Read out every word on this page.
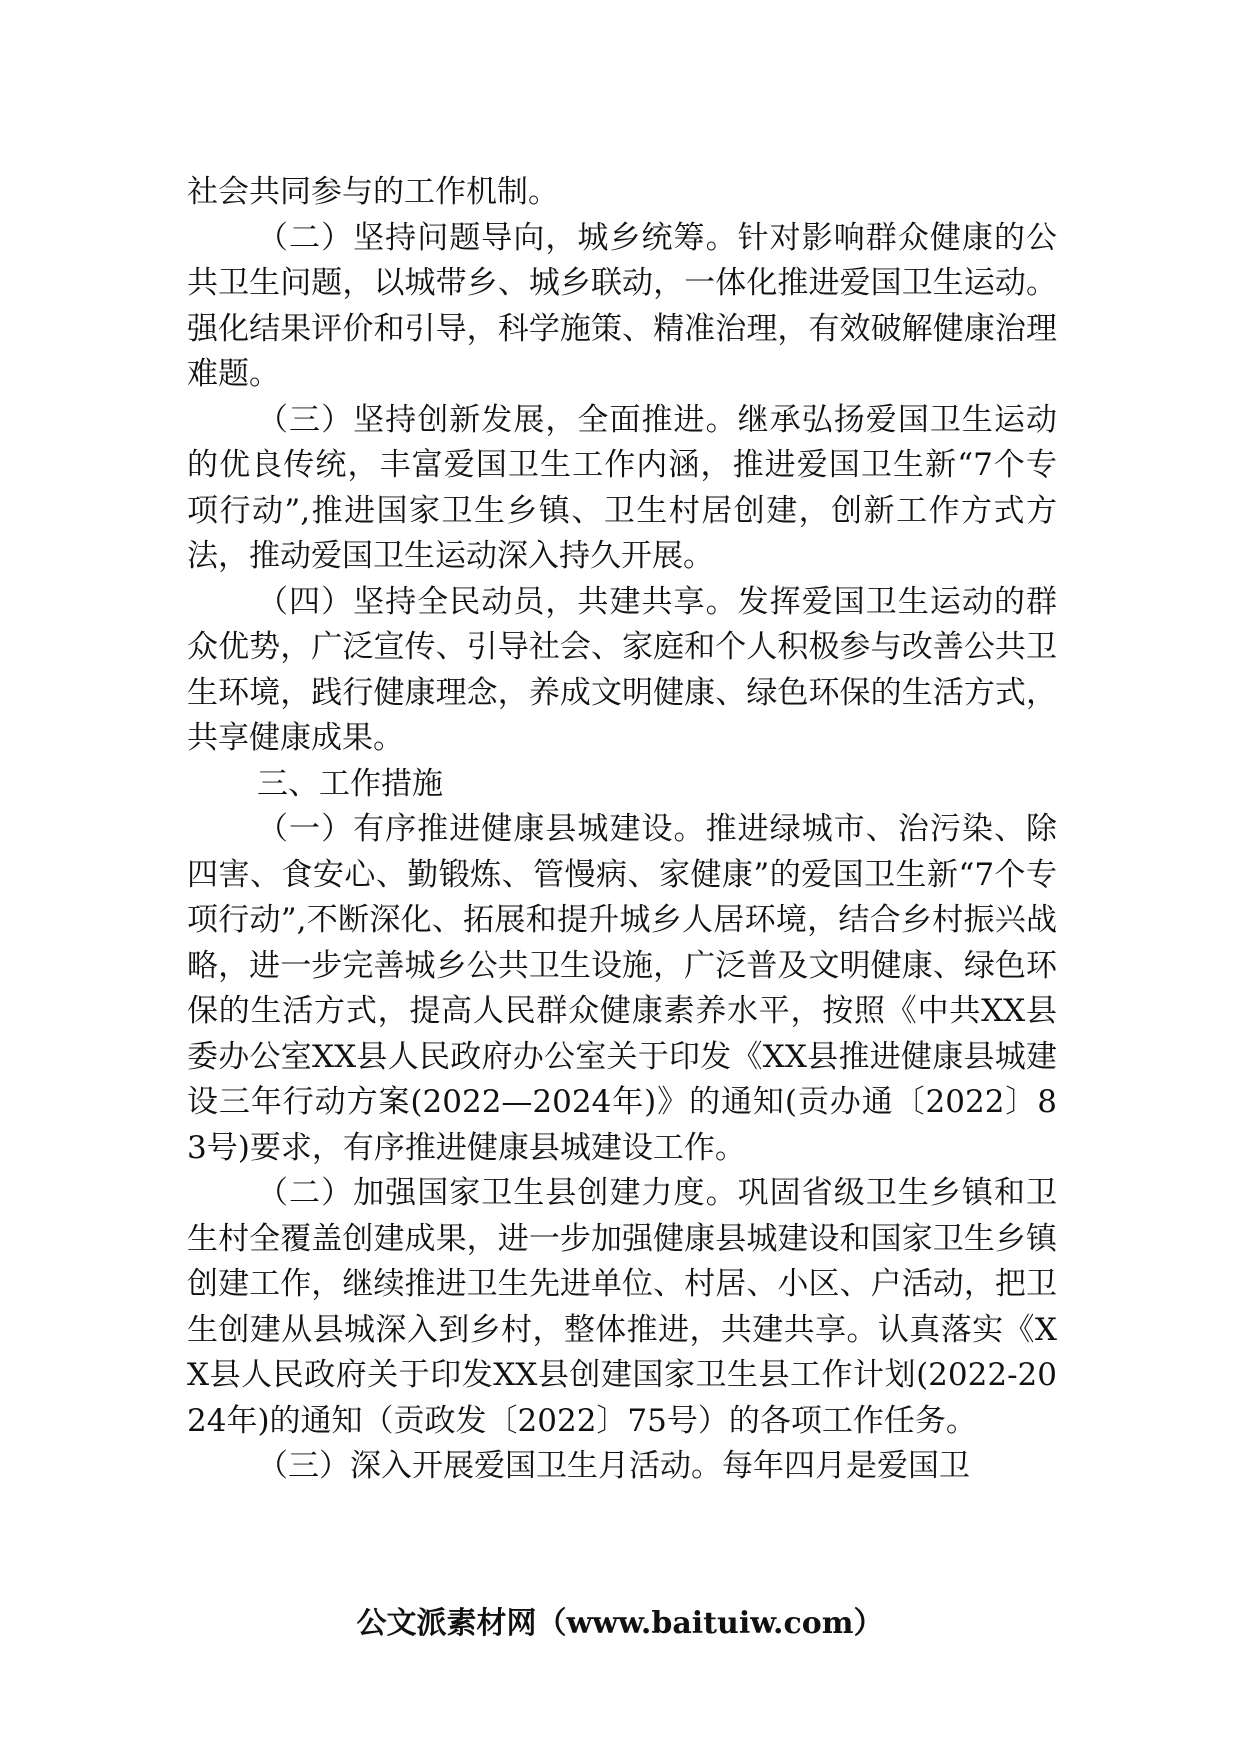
社会共同参与的工作机制。

（二）坚持问题导向，城乡统筹。针对影响群众健康的公共卫生问题，以城带乡、城乡联动，一体化推进爱国卫生运动。强化结果评价和引导，科学施策、精准治理，有效破解健康治理难题。

（三）坚持创新发展，全面推进。继承弘扬爱国卫生运动的优良传统，丰富爱国卫生工作内涵，推进爱国卫生新“7个专项行动”,推进国家卫生乡镇、卫生村居创建，创新工作方式方法，推动爱国卫生运动深入持久开展。

（四）坚持全民动员，共建共享。发挥爱国卫生运动的群众优势，广泛宣传、引导社会、家庭和个人积极参与改善公共卫生环境，践行健康理念，养成文明健康、绿色环保的生活方式，共享健康成果。

三、工作措施

（一）有序推进健康县城建设。推进绿城市、治污染、除四害、食安心、勤锻炼、管慢病、家健康”的爱国卫生新“7个专项行动”,不断深化、拓展和提升城乡人居环境，结合乡村振兴战略，进一步完善城乡公共卫生设施，广泛普及文明健康、绿色环保的生活方式，提高人民群众健康素养水平，按照《中共XX县委办公室XX县人民政府办公室关于印发《XX县推进健康县城建设三年行动方案(2022—2024年)》的通知(贡办通〔2022〕83号)要求，有序推进健康县城建设工作。

（二）加强国家卫生县创建力度。巩固省级卫生乡镇和卫生村全覆盖创建成果，进一步加强健康县城建设和国家卫生乡镇创建工作，继续推进卫生先进单位、村居、小区、户活动，把卫生创建从县城深入到乡村，整体推进，共建共享。认真落实《XX县人民政府关于印发XX县创建国家卫生县工作计划(2022-2024年)的通知（贡政发〔2022〕75号）的各项工作任务。

（三）深入开展爱国卫生月活动。每年四月是爱国卫

公文派素材网（www.baituiw.com）
